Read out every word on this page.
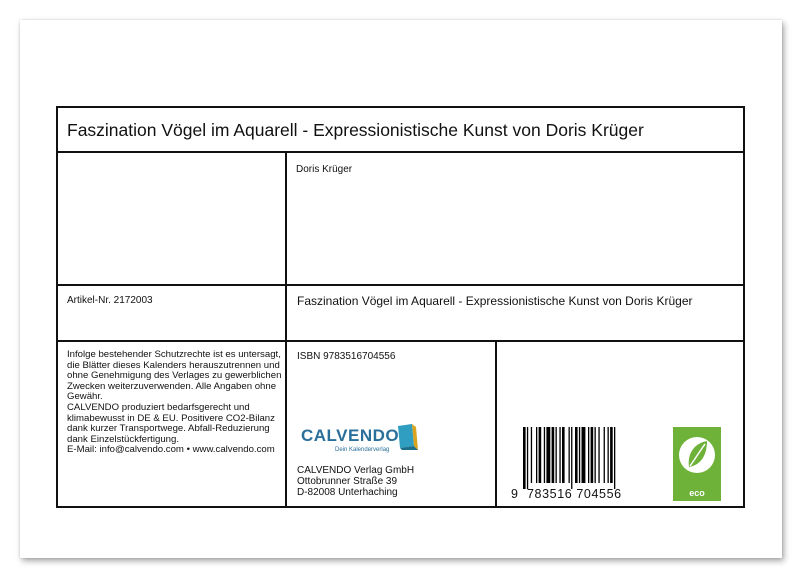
Faszination Vögel im Aquarell - Expressionistische Kunst von Doris Krüger
Doris Krüger
Artikel-Nr. 2172003	Faszination Vögel im Aquarell - Expressionistische Kunst von Doris Krüger

Infolge bestehender Schutzrechte ist es untersagt, die Blätter dieses Kalenders herauszutrennen und ohne Genehmigung des Verlages zu gewerblichen Zwecken weiterzuverwenden. Alle Angaben ohne Gewähr.

CALVENDO produziert bedarfsgerecht und klimabewusst in DE & EU. Positivere CO2-Bilanz dank kurzer Transportwege. Abfall-Reduzierung dank Einzelstückfertigung.

E-Mail: info@calvendo.com • www.calvendo.com

ISBN 9783516704556
CALVENDO
Dein Kalenderverlag
CALVENDO Verlag GmbH
Ottobrunner Straße 39
D-82008 Unterhaching	9 783516 704556	eco
